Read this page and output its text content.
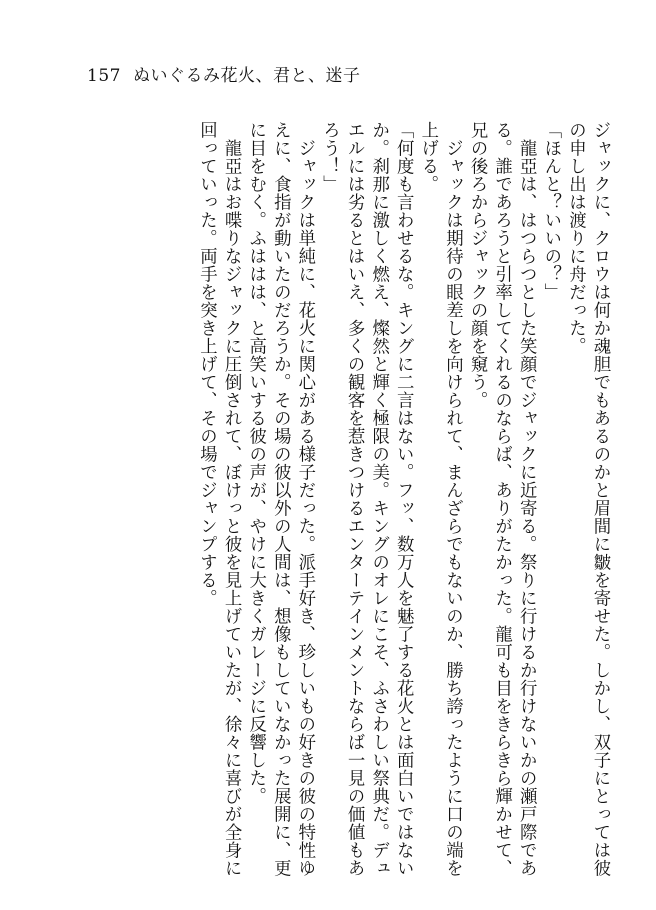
157 ぬいぐるみ花火、君と、迷子

ジャックに、クロウは何か魂胆でもあるのかと眉間に皺を寄せた。しかし、双子にとっては彼

の申し出は渡りに舟だった。

「ほんと？いいの？」

　龍亞は、はつらつとした笑顔でジャックに近寄る。祭りに行けるか行けないかの瀬戸際であ

る。誰であろうと引率してくれるのならば、ありがたかった。龍可も目をきらきら輝かせて、

兄の後ろからジャックの顔を窺う。

　ジャックは期待の眼差しを向けられて、まんざらでもないのか、勝ち誇ったように口の端を

上げる。

「何度も言わせるな。キングに二言はない。フッ、数万人を魅了する花火とは面白いではない

か。刹那に激しく燃え、燦然と輝く極限の美。キングのオレにこそ、ふさわしい祭典だ。デュ

エルには劣るとはいえ、多くの観客を惹きつけるエンターテインメントならば一見の価値もあ

ろう！」

　ジャックは単純に、花火に関心がある様子だった。派手好き、珍しいもの好きの彼の特性ゆ

えに、食指が動いたのだろうか。その場の彼以外の人間は、想像もしていなかった展開に、更

に目をむく。ふははは、と高笑いする彼の声が、やけに大きくガレージに反響した。

　龍亞はお喋りなジャックに圧倒されて、ぼけっと彼を見上げていたが、徐々に喜びが全身に

回っていった。両手を突き上げて、その場でジャンプする。
